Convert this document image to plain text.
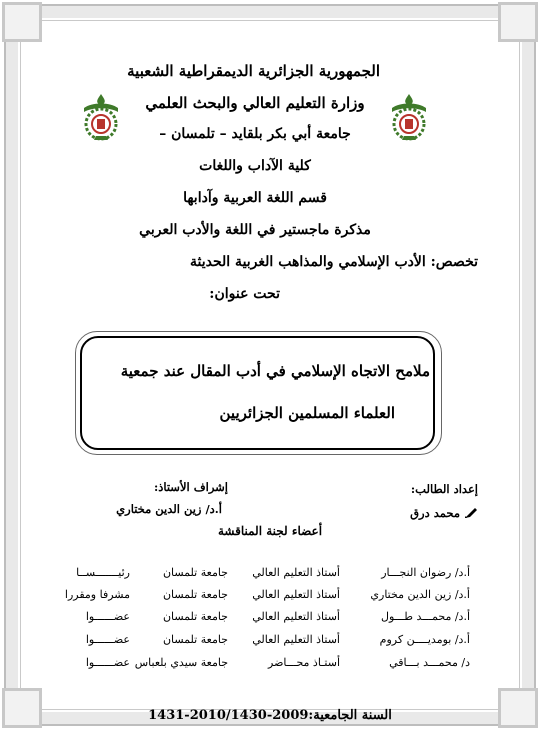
الجمهورية الجزائرية الديمقراطية الشعبية
وزارة التعليم العالي والبحث العلمي
جامعة أبي بكر بلقايد – تلمسان –
كلية الآداب واللغات
قسم اللغة العربية وآدابها
مذكرة ماجستير في اللغة والأدب العربي
تخصص: الأدب الإسلامي والمذاهب الغربية الحديثة
تحت عنوان:
ملامح الاتجاه الإسلامي في أدب المقال عند جمعية
العلماء المسلمين الجزائريين
إعداد الطالب:
محمد درق
إشراف الأستاذ:
أ.د/ زين الدين مختاري
أعضاء لجنة المناقشة
أ.د/ رضوان النجـــار
أستاذ التعليم العالي
جامعة تلمسان
رئيـــــــســا
أ.د/ زين الدين مختاري
أستاذ التعليم العالي
جامعة تلمسان
مشرفا ومقررا
أ.د/ محمـــد طـــول
أستاذ التعليم العالي
جامعة تلمسان
عضــــــوا
أ.د/ بومديــــن كروم
أستاذ التعليم العالي
جامعة تلمسان
عضــــــوا
د/ محمـــد بـــاقي
أستـاذ محـــاضر
جامعة سيدي بلعباس
عضــــــوا
السنة الجامعية:2009-2010/1430-1431
